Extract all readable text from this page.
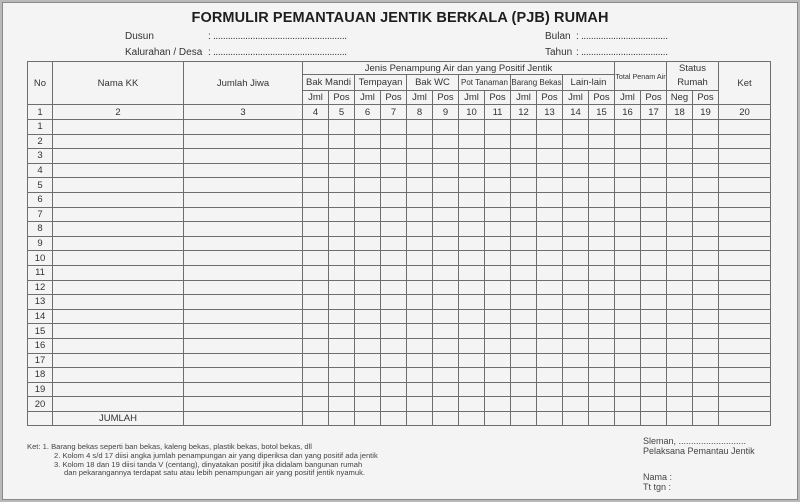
FORMULIR PEMANTAUAN JENTIK BERKALA (PJB) RUMAH
Dusun	: ......................................................
Kalurahan / Desa : ......................................................
Bulan : ...................................
Tahun : ...................................
No	Nama KK	Jumlah Jiwa	Jenis Penampung Air dan yang Positif Jentik												Total Penam Air		Status
Rumah		Ket
			Bak Mandi		Tempayan		Bak WC		Pot Tanaman		Barang Bekas		Lain-lain						
			Jml	Pos	Jml	Pos	Jml	Pos	Jml	Pos	Jml	Pos	Jml	Pos	Jml	Pos	Neg	Pos	
1	2	3	4	5	6	7	8	9	10	11	12	13	14	15	16	17	18	19	20
1																			
2																			
3																			
4																			
5																			
6																			
7																			
8																			
9																			
10																			
11																			
12																			
13																			
14																			
15																			
16																			
17																			
18																			
19																			
20																			
	JUMLAH																		
Ket: 1. Barang bekas seperti ban bekas, kaleng bekas, plastik bekas, botol bekas, dll
2. Kolom 4 s/d 17 diisi angka jumlah penampungan air yang diperiksa dan yang positif ada jentik
3. Kolom 18 dan 19 diisi tanda V (centang), dinyatakan positif jika didalam bangunan rumah
dan pekarangannya terdapat satu atau lebih penampungan air yang positif jentik nyamuk.
Sleman, ...........................
Pelaksana Pemantau Jentik
Nama :
Tt tgn :
